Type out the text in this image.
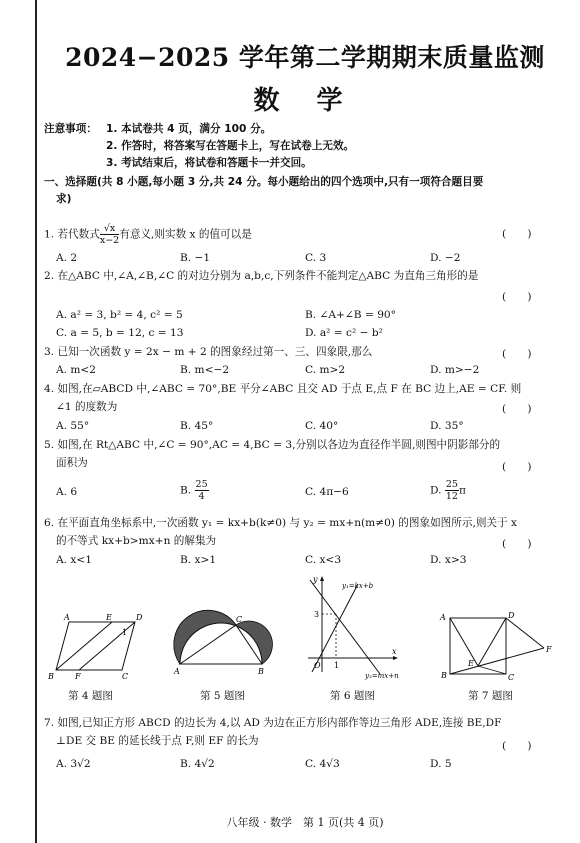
2024−2025 学年第二学期期末质量监测
数 学
注意事项： 1. 本试卷共 4 页，满分 100 分。
2. 作答时，将答案写在答题卡上，写在试卷上无效。
3. 考试结束后，将试卷和答题卡一并交回。
一、选择题(共 8 小题,每小题 3 分,共 24 分。每小题给出的四个选项中,只有一项符合题目要
求)
1. 若代数式 $\frac{√x}{x-2}$ 有意义,则实数 x 的值可以是	(　　)
A. 2	B. −1	C. 3	D. −2
2. 在△ABC 中,∠A,∠B,∠C 的对边分别为 a,b,c,下列条件不能判定△ABC 为直角三角形的是
(　　)
A. a² = 3, b² = 4, c² = 5	B. ∠A+∠B = 90°
C. a = 5, b = 12, c = 13	D. a² = c² − b²
3. 已知一次函数 y = 2x − m + 2 的图象经过第一、三、四象限,那么	(　　)
A. m<2	B. m<−2	C. m>2	D. m>−2
4. 如图,在▱ABCD 中,∠ABC = 70°,BE 平分∠ABC 且交 AD 于点 E,点 F 在 BC 边上,AE = CF. 则
∠1 的度数为	(　　)
A. 55°	B. 45°	C. 40°	D. 35°
5. 如图,在 Rt△ABC 中,∠C = 90°,AC = 4,BC = 3,分别以各边为直径作半圆,则图中阴影部分的
面积为	(　　)
A. 6	B. $\frac{25}{4}$	C. 4π−6	D. $\frac{25}{12}$ π
6. 在平面直角坐标系中,一次函数 y₁ = kx+b(k≠0) 与 y₂ = mx+n(m≠0) 的图象如图所示,则关于 x
的不等式 kx+b>mx+n 的解集为	(　　)
A. x<1	B. x>1	C. x<3	D. x>3
A	E	D
1
B	F	C
第 4 题图
C
A	B
第 5 题图
y
y₁=kx+b
3
O 1
x
y₂=mx+n
第 6 题图
A	D
F
E
B	C
第 7 题图
7. 如图,已知正方形 ABCD 的边长为 4,以 AD 为边在正方形内部作等边三角形 ADE,连接 BE,DF
⊥DE 交 BE 的延长线于点 F,则 EF 的长为	(　　)
A. 3√2	B. 4√2	C. 4√3	D. 5
八年级 · 数学　第 1 页(共 4 页)
